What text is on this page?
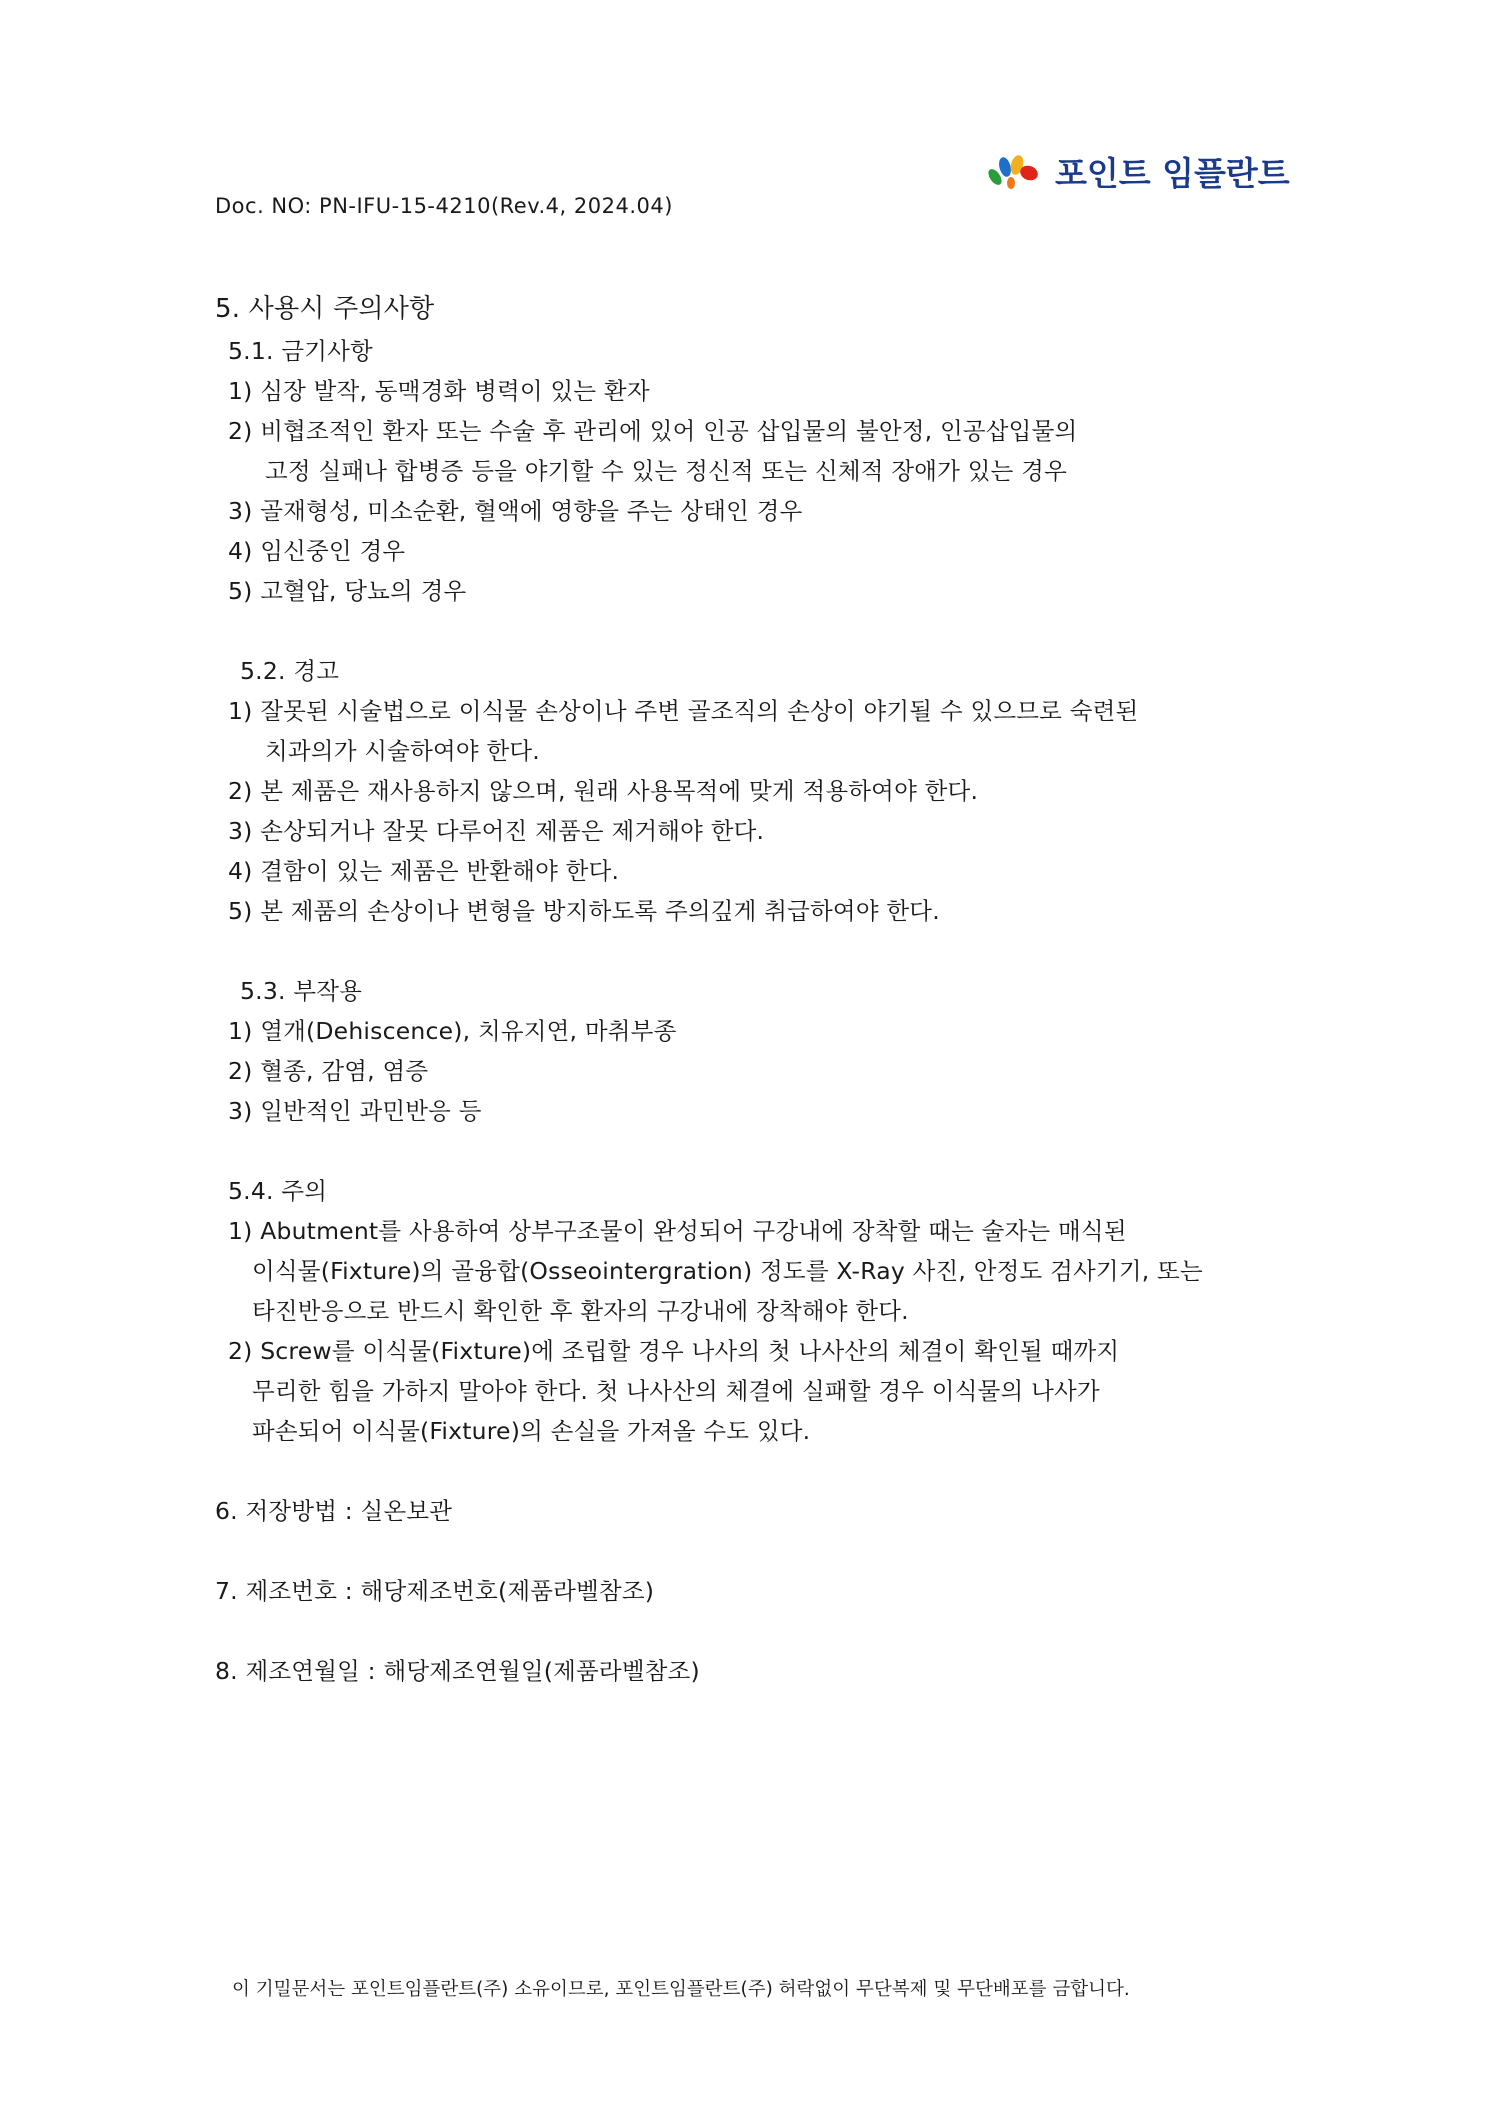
포인트 임플란트
Doc. NO: PN-IFU-15-4210(Rev.4, 2024.04)
5. 사용시 주의사항
5.1. 금기사항
1) 심장 발작, 동맥경화 병력이 있는 환자
2) 비협조적인 환자 또는 수술 후 관리에 있어 인공 삽입물의 불안정, 인공삽입물의
고정 실패나 합병증 등을 야기할 수 있는 정신적 또는 신체적 장애가 있는 경우
3) 골재형성, 미소순환, 혈액에 영향을 주는 상태인 경우
4) 임신중인 경우
5) 고혈압, 당뇨의 경우
5.2. 경고
1) 잘못된 시술법으로 이식물 손상이나 주변 골조직의 손상이 야기될 수 있으므로 숙련된
치과의가 시술하여야 한다.
2) 본 제품은 재사용하지 않으며, 원래 사용목적에 맞게 적용하여야 한다.
3) 손상되거나 잘못 다루어진 제품은 제거해야 한다.
4) 결함이 있는 제품은 반환해야 한다.
5) 본 제품의 손상이나 변형을 방지하도록 주의깊게 취급하여야 한다.
5.3. 부작용
1) 열개(Dehiscence), 치유지연, 마취부종
2) 혈종, 감염, 염증
3) 일반적인 과민반응 등
5.4. 주의
1) Abutment를 사용하여 상부구조물이 완성되어 구강내에 장착할 때는 술자는 매식된
이식물(Fixture)의 골융합(Osseointergration) 정도를 X-Ray 사진, 안정도 검사기기, 또는
타진반응으로 반드시 확인한 후 환자의 구강내에 장착해야 한다.
2) Screw를 이식물(Fixture)에 조립할 경우 나사의 첫 나사산의 체결이 확인될 때까지
무리한 힘을 가하지 말아야 한다. 첫 나사산의 체결에 실패할 경우 이식물의 나사가
파손되어 이식물(Fixture)의 손실을 가져올 수도 있다.
6. 저장방법 : 실온보관
7. 제조번호 : 해당제조번호(제품라벨참조)
8. 제조연월일 : 해당제조연월일(제품라벨참조)
이 기밀문서는 포인트임플란트(주) 소유이므로, 포인트임플란트(주) 허락없이 무단복제 및 무단배포를 금합니다.
